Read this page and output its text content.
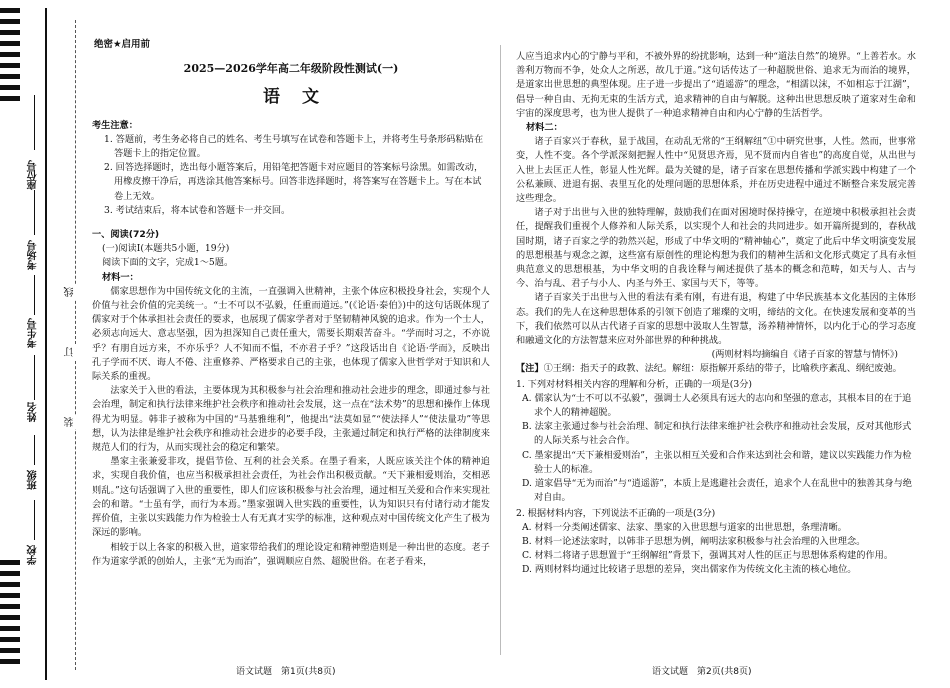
座位号
考场号
考生号
姓名
班级
学校
线
订
装
绝密★启用前
2025—2026学年高二年级阶段性测试(一)
语文
考生注意：

1. 答题前，考生务必将自己的姓名、考生号填写在试卷和答题卡上，并将考生号条形码粘贴在答题卡上的指定位置。

2. 回答选择题时，选出每小题答案后，用铅笔把答题卡对应题目的答案标号涂黑。如需改动，用橡皮擦干净后，再选涂其他答案标号。回答非选择题时，将答案写在答题卡上。写在本试卷上无效。

3. 考试结束后，将本试卷和答题卡一并交回。

一、阅读(72分)
(一)阅读Ⅰ(本题共5小题，19分)
阅读下面的文字，完成1～5题。
材料一：

儒家思想作为中国传统文化的主流，一直强调入世精神，主张个体应积极投身社会，实现个人价值与社会价值的完美统一。“士不可以不弘毅，任重而道远。”(《论语·泰伯》)中的这句话既体现了儒家对于个体承担社会责任的要求，也展现了儒家学者对于坚韧精神风貌的追求。作为一个士人，必须志向远大、意志坚强，因为担深知自己责任重大，需要长期艰苦奋斗。“学而时习之，不亦说乎？有朋自远方来，不亦乐乎？人不知而不愠，不亦君子乎？”这段话出自《论语·学而》，反映出孔子学而不厌、诲人不倦、注重修养、严格要求自己的主张，也体现了儒家入世哲学对于知识和人际关系的重视。

法家关于入世的看法，主要体现为其积极参与社会治理和推动社会进步的理念，即通过参与社会治理，制定和执行法律来维护社会秩序和推动社会发展，这一点在“法术势”的思想和操作上体现得尤为明显。韩非子被称为中国的“马基雅维利”，他提出“法莫如显”“使法择人”“使法量功”等思想，认为法律是维护社会秩序和推动社会进步的必要手段，主张通过制定和执行严格的法律制度来规范人们的行为，从而实现社会的稳定和繁荣。

墨家主张兼爱非攻，提倡节俭、互利的社会关系。在墨子看来，人既应该关注个体的精神追求，实现自我价值，也应当积极承担社会责任，为社会作出积极贡献。“天下兼相爱则治，交相恶则乱。”这句话强调了入世的重要性，即人们应该积极参与社会治理，通过相互关爱和合作来实现社会的和谐。“士虽有学，而行为本焉。”墨家强调入世实践的重要性，认为知识只有付诸行动才能发挥价值，主张以实践能力作为检验士人有无真才实学的标准，这种观点对中国传统文化产生了极为深远的影响。

相较于以上各家的积极入世，道家带给我们的理论设定和精神塑造则是一种出世的态度。老子作为道家学派的创始人，主张“无为而治”，强调顺应自然、超脱世俗。在老子看来，

语文试题　第1页(共8页)

人应当追求内心的宁静与平和，不被外界的纷扰影响，达到一种“道法自然”的境界。“上善若水。水善利万物而不争，处众人之所恶，故几于道。”这句话传达了一种超脱世俗、追求无为而治的境界，是道家出世思想的典型体现。庄子进一步提出了“逍遥游”的理念，“相濡以沫，不如相忘于江湖”，倡导一种自由、无拘无束的生活方式，追求精神的自由与解脱。这种出世思想反映了道家对生命和宇宙的深度思考，也为世人提供了一种追求精神自由和内心宁静的生活哲学。

材料二：

诸子百家兴于春秋，显于战国，在动乱无常的“王纲解纽”①中研究世事，人性。然而，世事常变，人性不变。各个学派深刻把握人性中“见贤思齐焉，见不贤而内自省也”的高度自觉，从出世与入世上去匡正人性，彰显人性光辉。最为关键的是，诸子百家在思想传播和学派实践中构建了一个公私兼顾、进退有据、表里互化的处理问题的思想体系，并在历史进程中通过不断整合来发展完善这些理念。

诸子对于出世与入世的独特理解，鼓励我们在面对困境时保持操守，在逆境中积极承担社会责任，提醒我们重视个人修养和人际关系，以实现个人和社会的共同进步。如开篇所提到的，春秋战国时期，诸子百家之学的勃然兴起，形成了中华文明的“精神轴心”，奠定了此后中华文明演变发展的思想根基与观念之源，这些富有原创性的理论构想为我们的精神生活和文化形式奠定了具有永恒典范意义的思想根基，为中华文明的自我诠释与阐述提供了基本的概念和范畴，如天与人、古与今、治与乱、君子与小人、内圣与外王、家国与天下，等等。

诸子百家关于出世与入世的看法有柔有刚，有进有退，构建了中华民族基本文化基因的主体形态。我们的先人在这种思想体系的引领下创造了璀璨的文明，缔结的文化。在快速发展和变革的当下，我们依然可以从古代诸子百家的思想中汲取人生智慧，汤养精神情怀，以内化于心的学习态度和融通文化的方法智慧来应对外部世界的种种挑战。

(两则材料均摘编自《诸子百家的智慧与情怀》)

【注】①王纲：指天子的政教、法纪。解纽：原指解开系结的带子，比喻秩序紊乱、纲纪废弛。

1. 下列对材料相关内容的理解和分析，正确的一项是(3分)

A. 儒家认为“士不可以不弘毅”，强调士人必须具有远大的志向和坚强的意志，其根本目的在于追求个人的精神超脱。

B. 法家主张通过参与社会治理、制定和执行法律来维护社会秩序和推动社会发展，反对其他形式的人际关系与社会合作。

C. 墨家提出“天下兼相爱则治”，主张以相互关爱和合作来达到社会和谐，建议以实践能力作为检验士人的标准。

D. 道家倡导“无为而治”与“逍遥游”，本质上是逃避社会责任，追求个人在乱世中的独善其身与绝对自由。

2. 根据材料内容，下列说法不正确的一项是(3分)

A. 材料一分类阐述儒家、法家、墨家的入世思想与道家的出世思想，条理清晰。

B. 材料一论述法家时，以韩非子思想为例，阐明法家积极参与社会治理的入世理念。

C. 材料二将诸子思想置于“王纲解纽”背景下，强调其对人性的匡正与思想体系构建的作用。

D. 两则材料均通过比较诸子思想的差异，突出儒家作为传统文化主流的核心地位。

语文试题　第2页(共8页)
